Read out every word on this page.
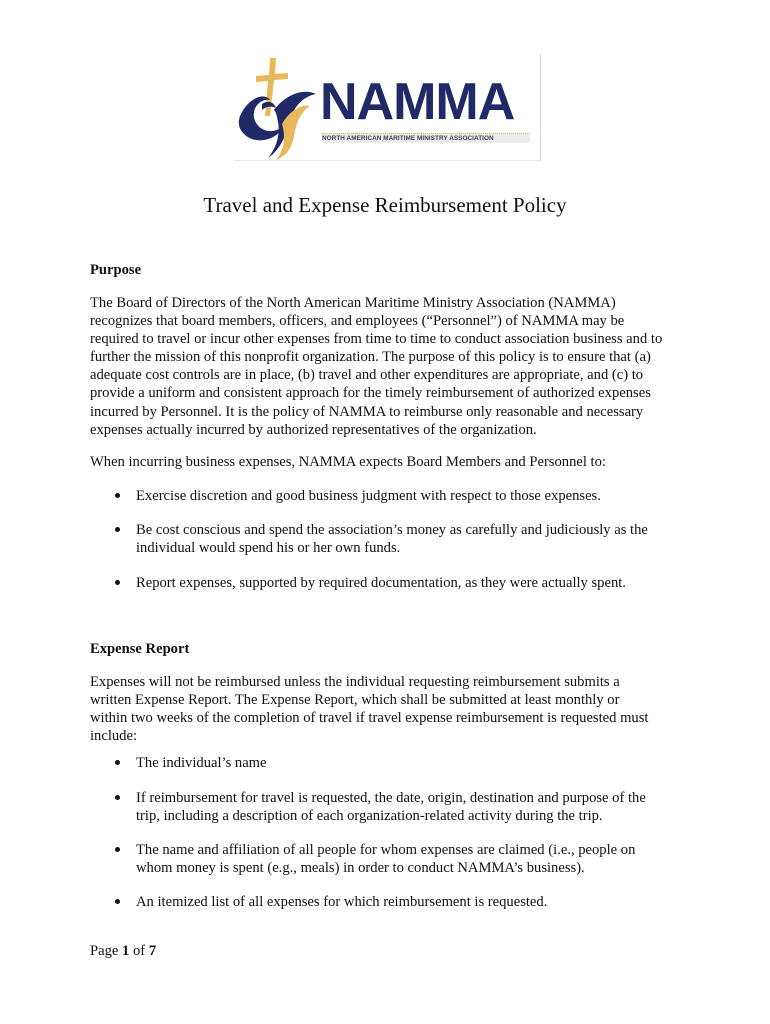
NAMMA
NORTH AMERICAN MARITIME MINISTRY ASSOCIATION
Travel and Expense Reimbursement Policy
Purpose
The Board of Directors of the North American Maritime Ministry Association (NAMMA)
recognizes that board members, officers, and employees (“Personnel”) of NAMMA may be
required to travel or incur other expenses from time to time to conduct association business and to
further the mission of this nonprofit organization. The purpose of this policy is to ensure that (a)
adequate cost controls are in place, (b) travel and other expenditures are appropriate, and (c) to
provide a uniform and consistent approach for the timely reimbursement of authorized expenses
incurred by Personnel. It is the policy of NAMMA to reimburse only reasonable and necessary
expenses actually incurred by authorized representatives of the organization.
When incurring business expenses, NAMMA expects Board Members and Personnel to:
Exercise discretion and good business judgment with respect to those expenses.
Be cost conscious and spend the association’s money as carefully and judiciously as the
individual would spend his or her own funds.
Report expenses, supported by required documentation, as they were actually spent.
Expense Report
Expenses will not be reimbursed unless the individual requesting reimbursement submits a
written Expense Report. The Expense Report, which shall be submitted at least monthly or
within two weeks of the completion of travel if travel expense reimbursement is requested must
include:
The individual’s name
If reimbursement for travel is requested, the date, origin, destination and purpose of the
trip, including a description of each organization-related activity during the trip.
The name and affiliation of all people for whom expenses are claimed (i.e., people on
whom money is spent (e.g., meals) in order to conduct NAMMA’s business).
An itemized list of all expenses for which reimbursement is requested.
Page 1 of 7
